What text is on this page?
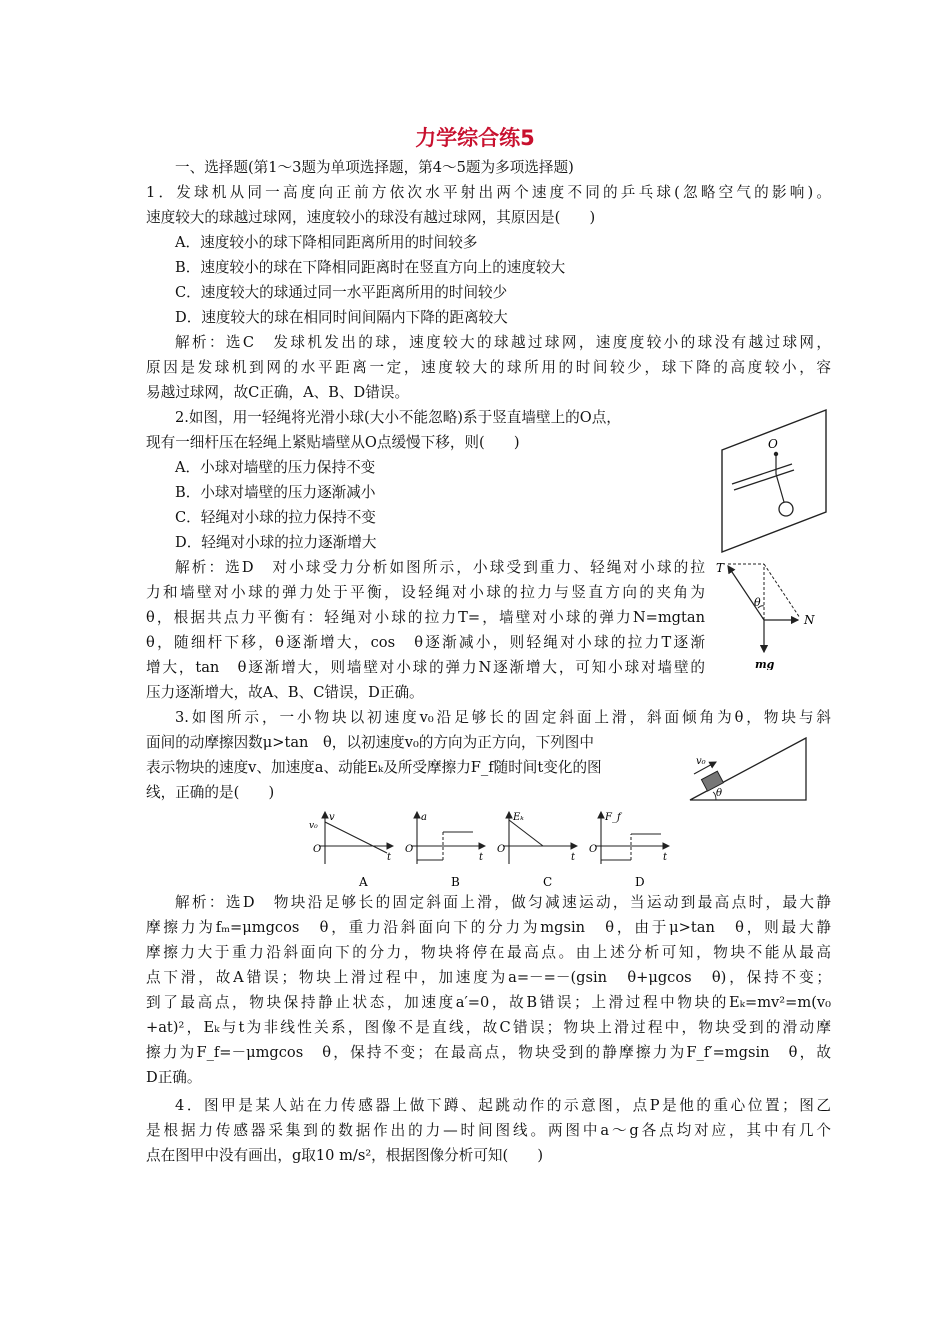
力学综合练5
一、选择题(第1～3题为单项选择题，第4～5题为多项选择题)
1．发球机从同一高度向正前方依次水平射出两个速度不同的乒乓球(忽略空气的影响)。
速度较大的球越过球网，速度较小的球没有越过球网，其原因是(　　)
A．速度较小的球下降相同距离所用的时间较多
B．速度较小的球在下降相同距离时在竖直方向上的速度较大
C．速度较大的球通过同一水平距离所用的时间较少
D．速度较大的球在相同时间间隔内下降的距离较大
解析：选C　发球机发出的球，速度较大的球越过球网，速度度较小的球没有越过球网，
原因是发球机到网的水平距离一定，速度较大的球所用的时间较少，球下降的高度较小，容
易越过球网，故C正确，A、B、D错误。
2.如图，用一轻绳将光滑小球(大小不能忽略)系于竖直墙壁上的O点，
现有一细杆压在轻绳上紧贴墙壁从O点缓慢下移，则(　　)
A．小球对墙壁的压力保持不变
B．小球对墙壁的压力逐渐减小
C．轻绳对小球的拉力保持不变
D．轻绳对小球的拉力逐渐增大
解析：选D　对小球受力分析如图所示，小球受到重力、轻绳对小球的拉
力和墙壁对小球的弹力处于平衡，设轻绳对小球的拉力与竖直方向的夹角为
θ，根据共点力平衡有：轻绳对小球的拉力T=，墙壁对小球的弹力N=mgtan
θ，随细杆下移，θ逐渐增大，cos　θ逐渐减小，则轻绳对小球的拉力T逐渐
增大，tan　θ逐渐增大，则墙壁对小球的弹力N逐渐增大，可知小球对墙壁的
压力逐渐增大，故A、B、C错误，D正确。
O
T
θ
N
mg
3.如图所示，一小物块以初速度v₀沿足够长的固定斜面上滑，斜面倾角为θ，物块与斜
面间的动摩擦因数μ>tan　θ，以初速度v₀的方向为正方向，下列图中
表示物块的速度v、加速度a、动能Eₖ及所受摩擦力F_f随时间t变化的图
线，正确的是(　　)
v₀
θ
v₀
v
O
t
A
a
O
t
B
Eₖ
O
t
C
F_f
O
t
D
解析：选D　物块沿足够长的固定斜面上滑，做匀减速运动，当运动到最高点时，最大静
摩擦力为fₘ=μmgcos　θ，重力沿斜面向下的分力为mgsin　θ，由于μ>tan　θ，则最大静
摩擦力大于重力沿斜面向下的分力，物块将停在最高点。由上述分析可知，物块不能从最高
点下滑，故A错误；物块上滑过程中，加速度为a=－=－(gsin　θ+μgcos　θ)，保持不变；
到了最高点，物块保持静止状态，加速度a′=0，故B错误；上滑过程中物块的Eₖ=mv²=m(v₀
+at)²，Eₖ与t为非线性关系，图像不是直线，故C错误；物块上滑过程中，物块受到的滑动摩
擦力为F_f=－μmgcos　θ，保持不变；在最高点，物块受到的静摩擦力为F_f′=mgsin　θ，故
D正确。
4．图甲是某人站在力传感器上做下蹲、起跳动作的示意图，点P是他的重心位置；图乙
是根据力传感器采集到的数据作出的力—时间图线。两图中a～g各点均对应，其中有几个
点在图甲中没有画出，g取10 m/s²，根据图像分析可知(　　)
